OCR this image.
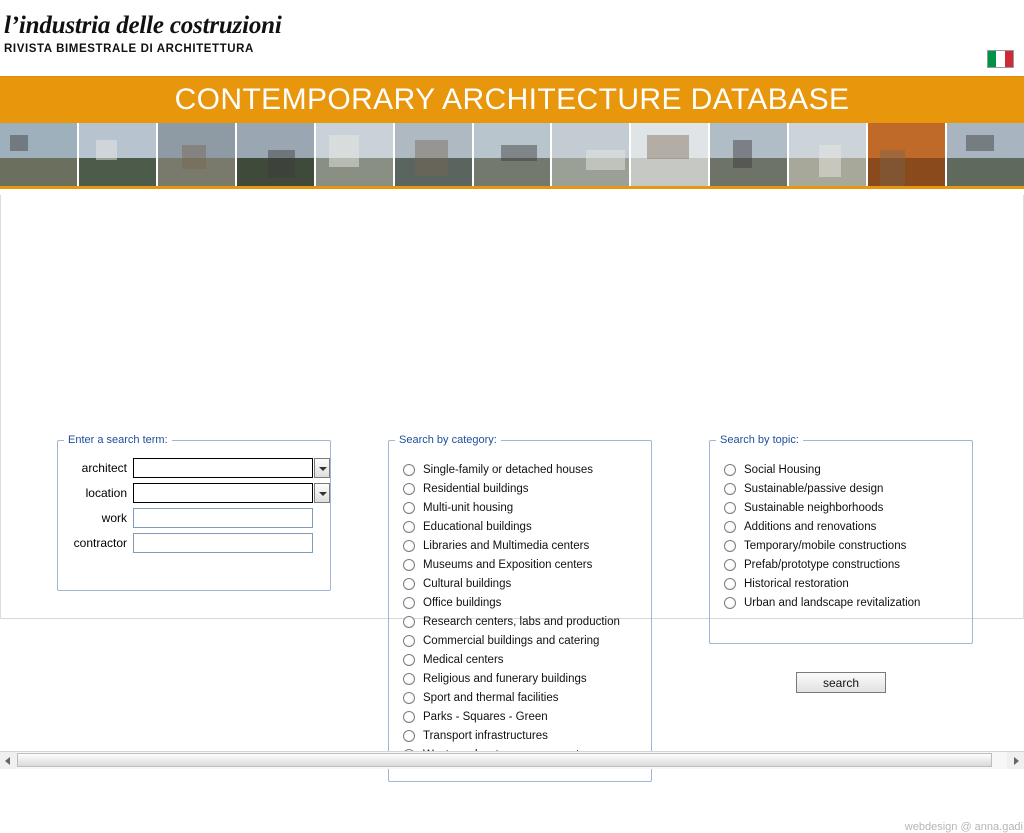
l’industria delle costruzioni
RIVISTA BIMESTRALE DI ARCHITETTURA
CONTEMPORARY ARCHITECTURE DATABASE
Enter a search term:
architect
location
work
contractor
Search by category:
Single-family or detached houses
Residential buildings
Multi-unit housing
Educational buildings
Libraries and Multimedia centers
Museums and Exposition centers
Cultural buildings
Office buildings
Research centers, labs and production
Commercial buildings and catering
Medical centers
Religious and funerary buildings
Sport and thermal facilities
Parks - Squares - Green
Transport infrastructures
Search by topic:
Social Housing
Sustainable/passive design
Sustainable neighborhoods
Additions and renovations
Temporary/mobile constructions
Prefab/prototype constructions
Historical restoration
Urban and landscape revitalization
search
webdesign @ anna.gadi
